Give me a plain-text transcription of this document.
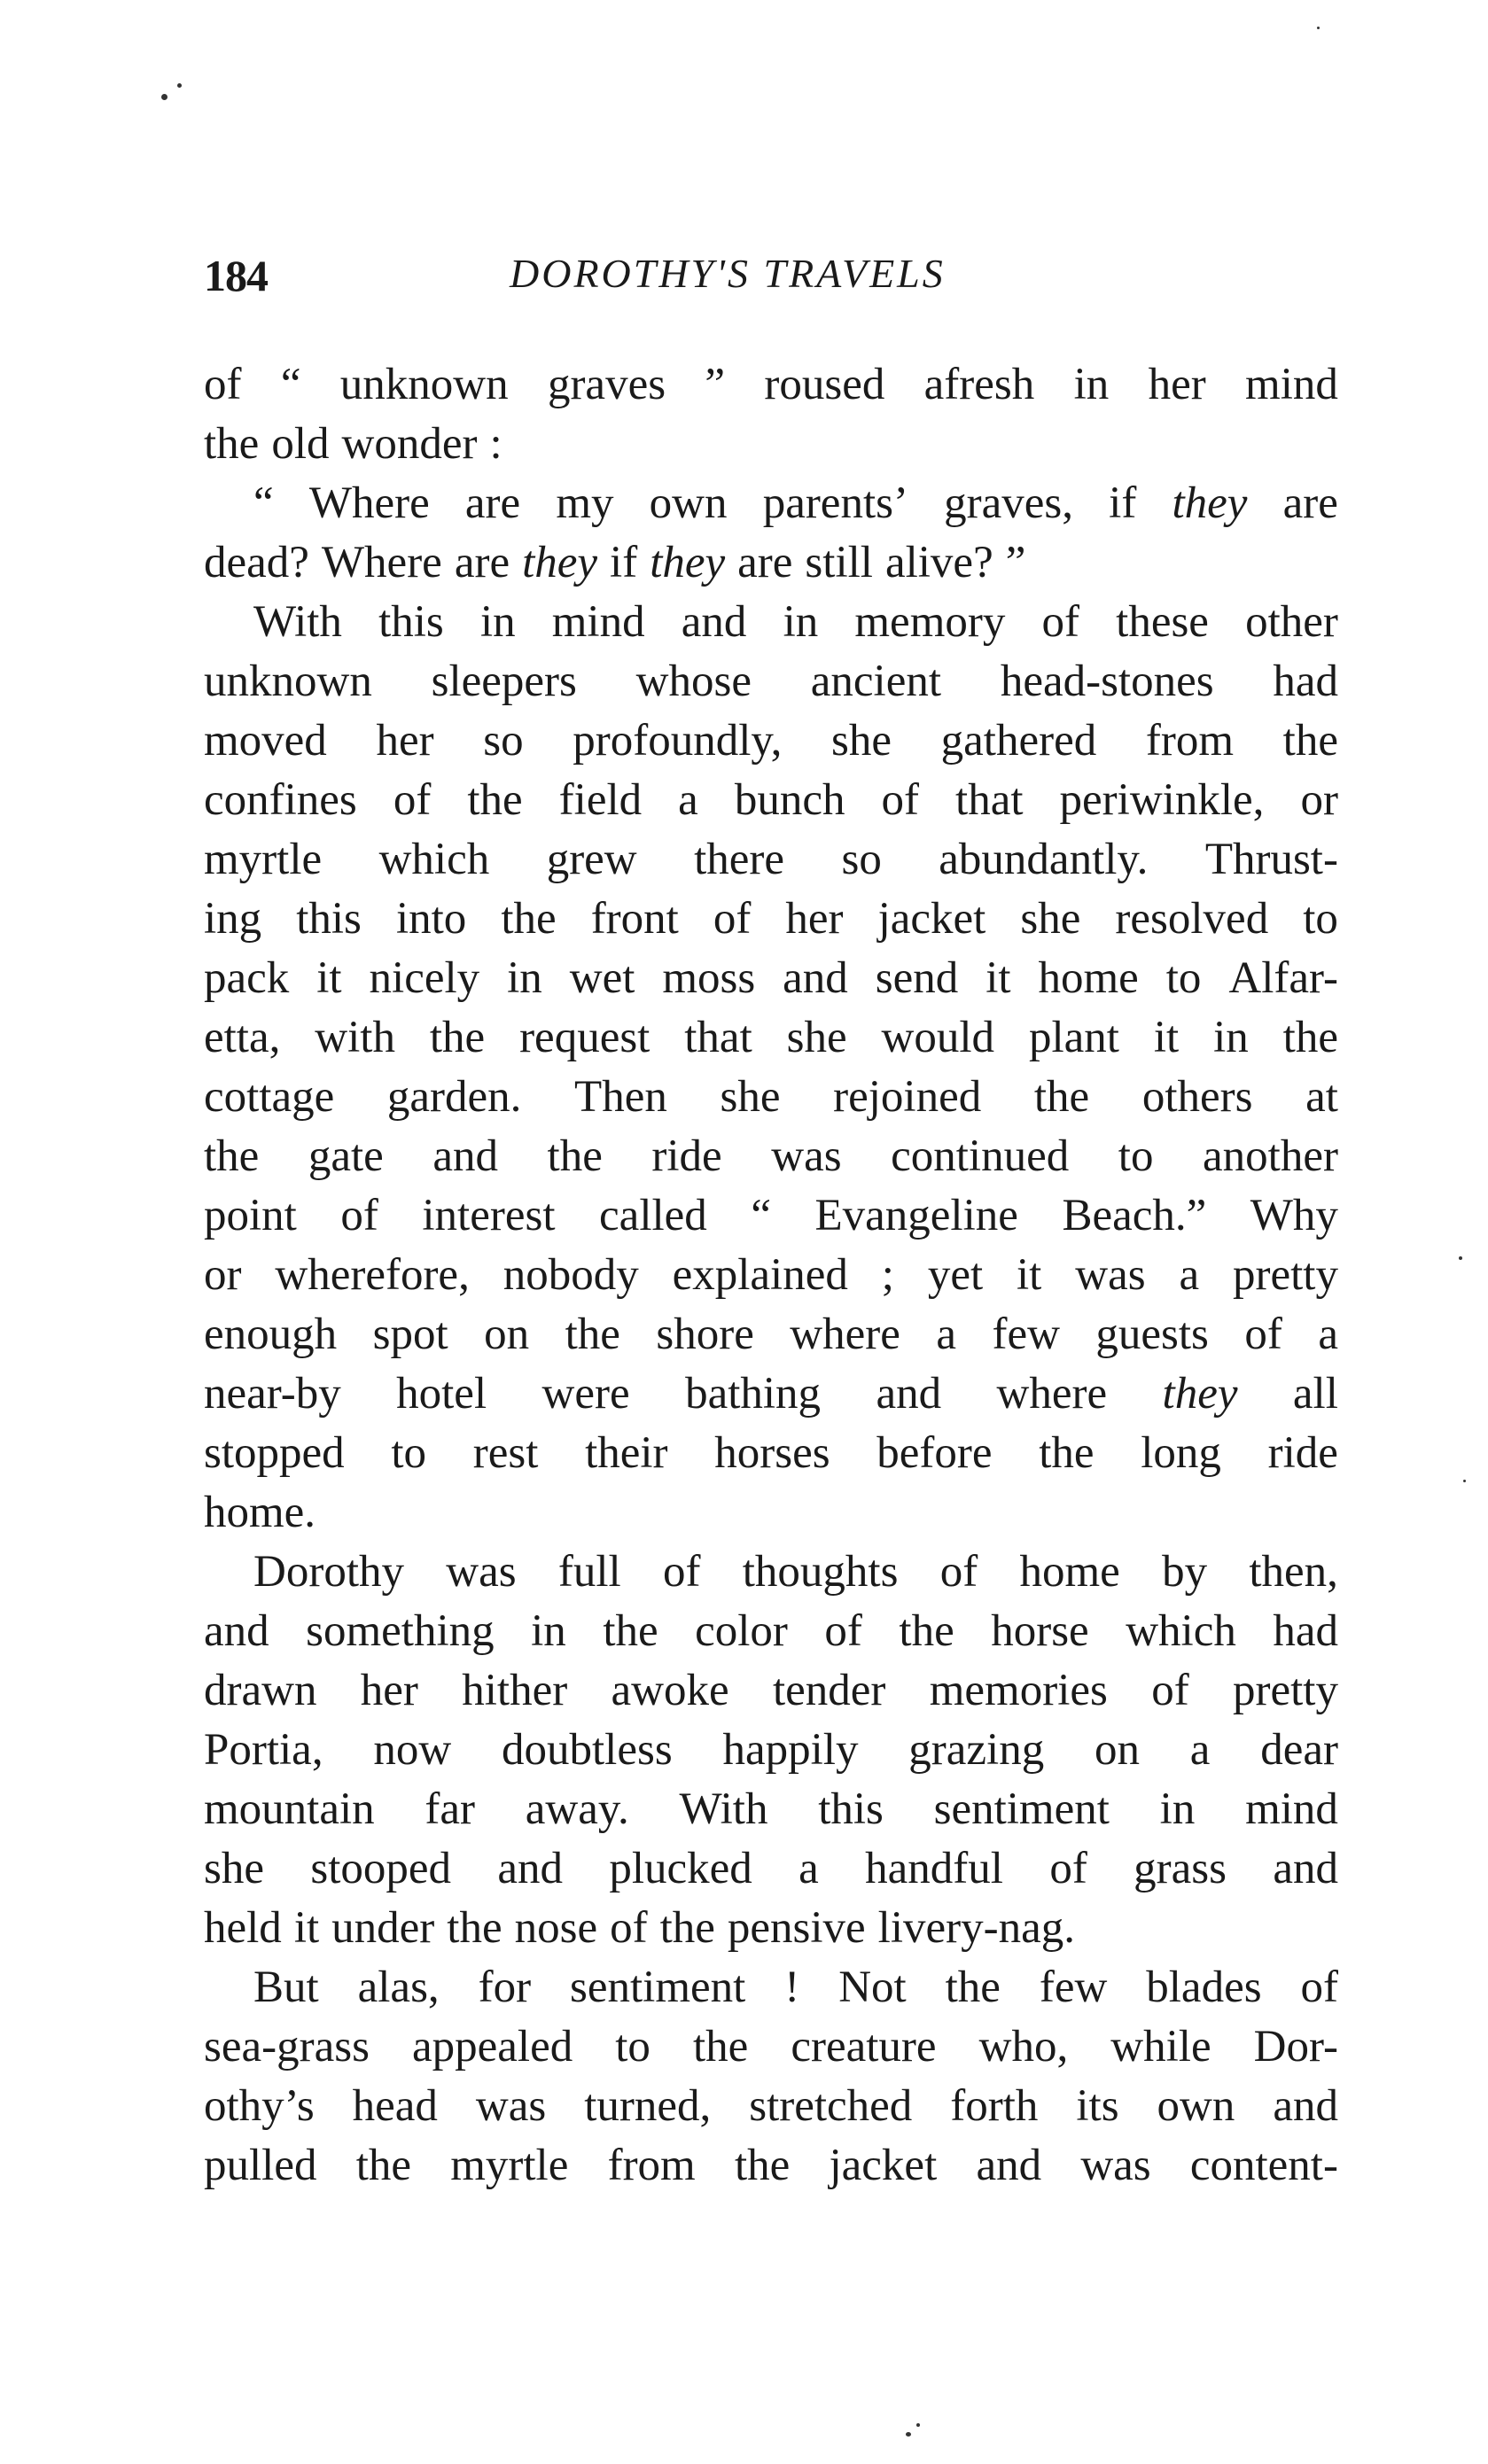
184	DOROTHY'S TRAVELS
of “ unknown graves ” roused afresh in her mind
the old wonder :
“ Where are my own parents’ graves, if they are
dead? Where are they if they are still alive? ”
With this in mind and in memory of these other
unknown sleepers whose ancient head-stones had
moved her so profoundly, she gathered from the
confines of the field a bunch of that periwinkle, or
myrtle which grew there so abundantly. Thrust-
ing this into the front of her jacket she resolved to
pack it nicely in wet moss and send it home to Alfar-
etta, with the request that she would plant it in the
cottage garden. Then she rejoined the others at
the gate and the ride was continued to another
point of interest called “ Evangeline Beach.” Why
or wherefore, nobody explained ; yet it was a pretty
enough spot on the shore where a few guests of a
near-by hotel were bathing and where they all
stopped to rest their horses before the long ride
home.
Dorothy was full of thoughts of home by then,
and something in the color of the horse which had
drawn her hither awoke tender memories of pretty
Portia, now doubtless happily grazing on a dear
mountain far away. With this sentiment in mind
she stooped and plucked a handful of grass and
held it under the nose of the pensive livery-nag.
But alas, for sentiment ! Not the few blades of
sea-grass appealed to the creature who, while Dor-
othy’s head was turned, stretched forth its own and
pulled the myrtle from the jacket and was content-
